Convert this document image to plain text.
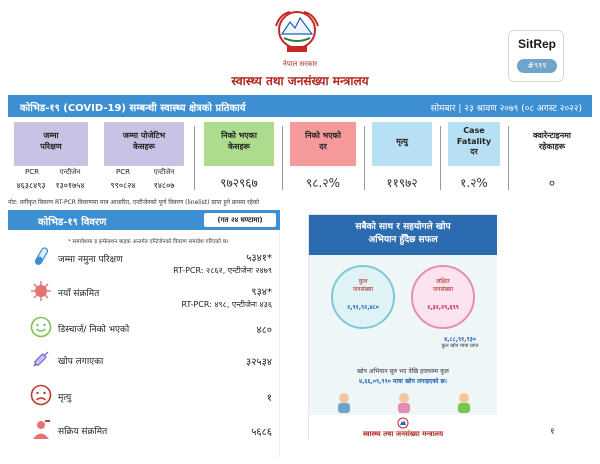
नेपाल सरकार
स्वास्थ्य तथा जनसंख्या मन्त्रालय
SitRep
#९११
कोभिड-१९ (COVID-19) सम्बन्धी स्वास्थ्य क्षेत्रको प्रतिकार्य	सोमबार | २३ श्रावण २०७९ (०८ अगस्ट २०२२)
जम्मा
परिक्षण
PCR	एन्टीजेन
४६३८४९३	१३०१७५४
जम्मा पोजेटिभ
केसहरू
PCR	एन्टीजेन
९९०८२४	१४८०७
निको भएका
केसहरू
९७२९६७
निको भएको
दर
९८.२%
मृत्यु
११९७२
Case
Fatality
दर
१.२%
क्वारेन्टाइनमा
रहेकाहरू
०
नोट: वर्गीकृत विवरण RT-PCR विवरणमा मात्र आधारित, एन्टीजेनको पूर्ण विवरण (linelist) प्राप्त हुने क्रममा रहेको
कोभिड-१९ विवरण	(गत २४ घण्टामा)
* समावेशमा ह इन्फेक्शन बाहक अन्तर्गत एन्टिजेनको विवरण समावेश गरिएको छ।
जम्मा नमुना परिक्षण	५३४१*
RT-PCR: २८६२, एन्टीजेनः २४७९
नयाँ संक्रमित	९३४*
RT-PCR: ४९८, एन्टीजेनः ४३६
डिस्चार्ज/ निको भएको	४८०
खोप लगाएका	३२५३४
मृत्यु	१
सक्रिय संक्रमित	५६८६
सबैको साथ र सहयोगले खोप
अभियान हुँदैछ सफल
कुल
जनसंख्या
२,९१,९२,४८०
लक्षित
जनसंख्या
२,३२,२९,६९९
४,८८,९१,९३०
कुल खोप मात्रा प्राप्त
खोप अभियान सुरु भए देखि हालसम्म कुल
४,६६,०९,९९० मात्रा खोप लगाइएको छ।
स्वास्थ्य तथा जनसंख्या मन्त्रालय	१
